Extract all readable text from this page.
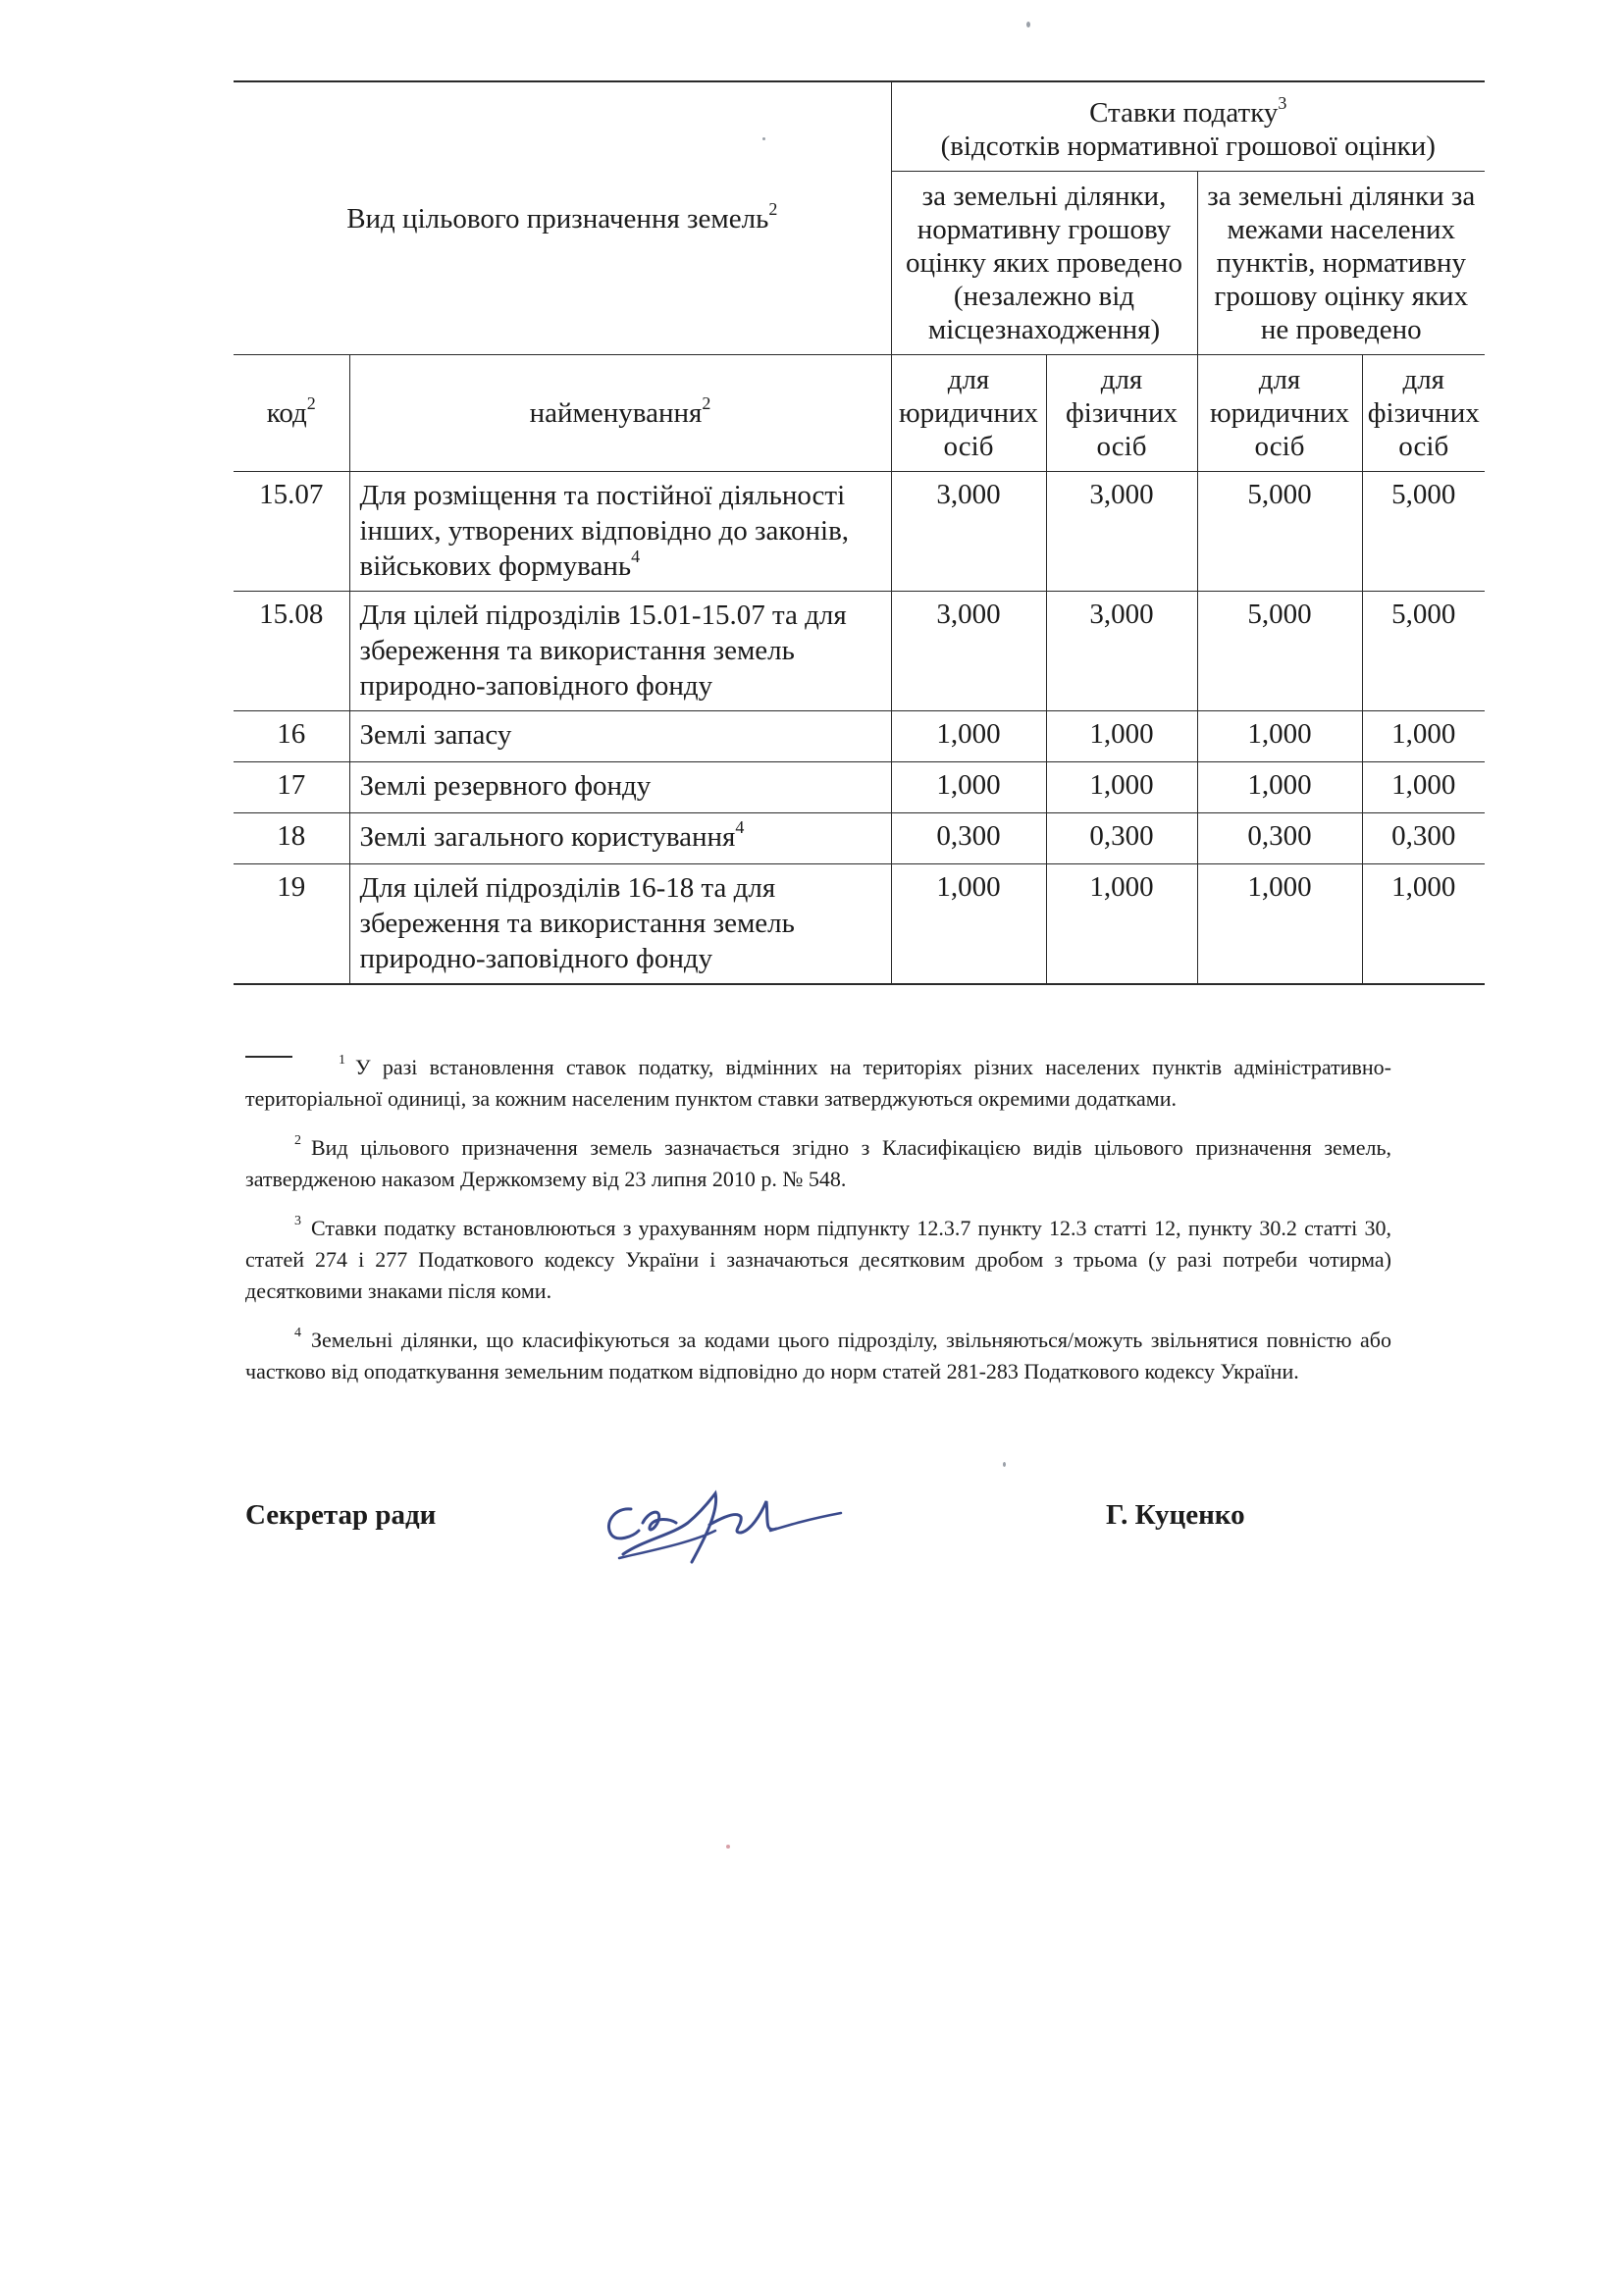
Вид цільового призначення земель$^2$		Ставки податку$^3$
(відсотків нормативної грошової оцінки)			

		за земельні ділянки, нормативну грошову оцінку яких проведено (незалежно від місцезнаходження)		за земельні ділянки за межами населених пунктів, нормативну грошову оцінку яких не проведено	
код$^2$	найменування$^2$	для юридичних осіб	для фізичних осіб	для юридичних осіб	для фізичних осіб
15.07	Для розміщення та постійної діяльності інших, утворених відповідно до законів, військових формувань$^4$	3,000	3,000	5,000	5,000
15.08	Для цілей підрозділів 15.01-15.07 та для збереження та використання земель природно-заповідного фонду	3,000	3,000	5,000	5,000
16	Землі запасу	1,000	1,000	1,000	1,000
17	Землі резервного фонду	1,000	1,000	1,000	1,000
18	Землі загального користування$^4$	0,300	0,300	0,300	0,300
19	Для цілей підрозділів 16-18 та для збереження та використання земель природно-заповідного фонду	1,000	1,000	1,000	1,000

$^1$ У разі встановлення ставок податку, відмінних на територіях різних населених пунктів адміністративно-територіальної одиниці, за кожним населеним пунктом ставки затверджуються окремими додатками.

$^2$ Вид цільового призначення земель зазначається згідно з Класифікацією видів цільового призначення земель, затвердженою наказом Держкомзему від 23 липня 2010 р. № 548.

$^3$ Ставки податку встановлюються з урахуванням норм підпункту 12.3.7 пункту 12.3 статті 12, пункту 30.2 статті 30, статей 274 і 277 Податкового кодексу України і зазначаються десятковим дробом з трьома (у разі потреби чотирма) десятковими знаками після коми.

$^4$ Земельні ділянки, що класифікуються за кодами цього підрозділу, звільняються/можуть звільнятися повністю або частково від оподаткування земельним податком відповідно до норм статей 281-283 Податкового кодексу України.

Секретар ради	Г. Куценко
